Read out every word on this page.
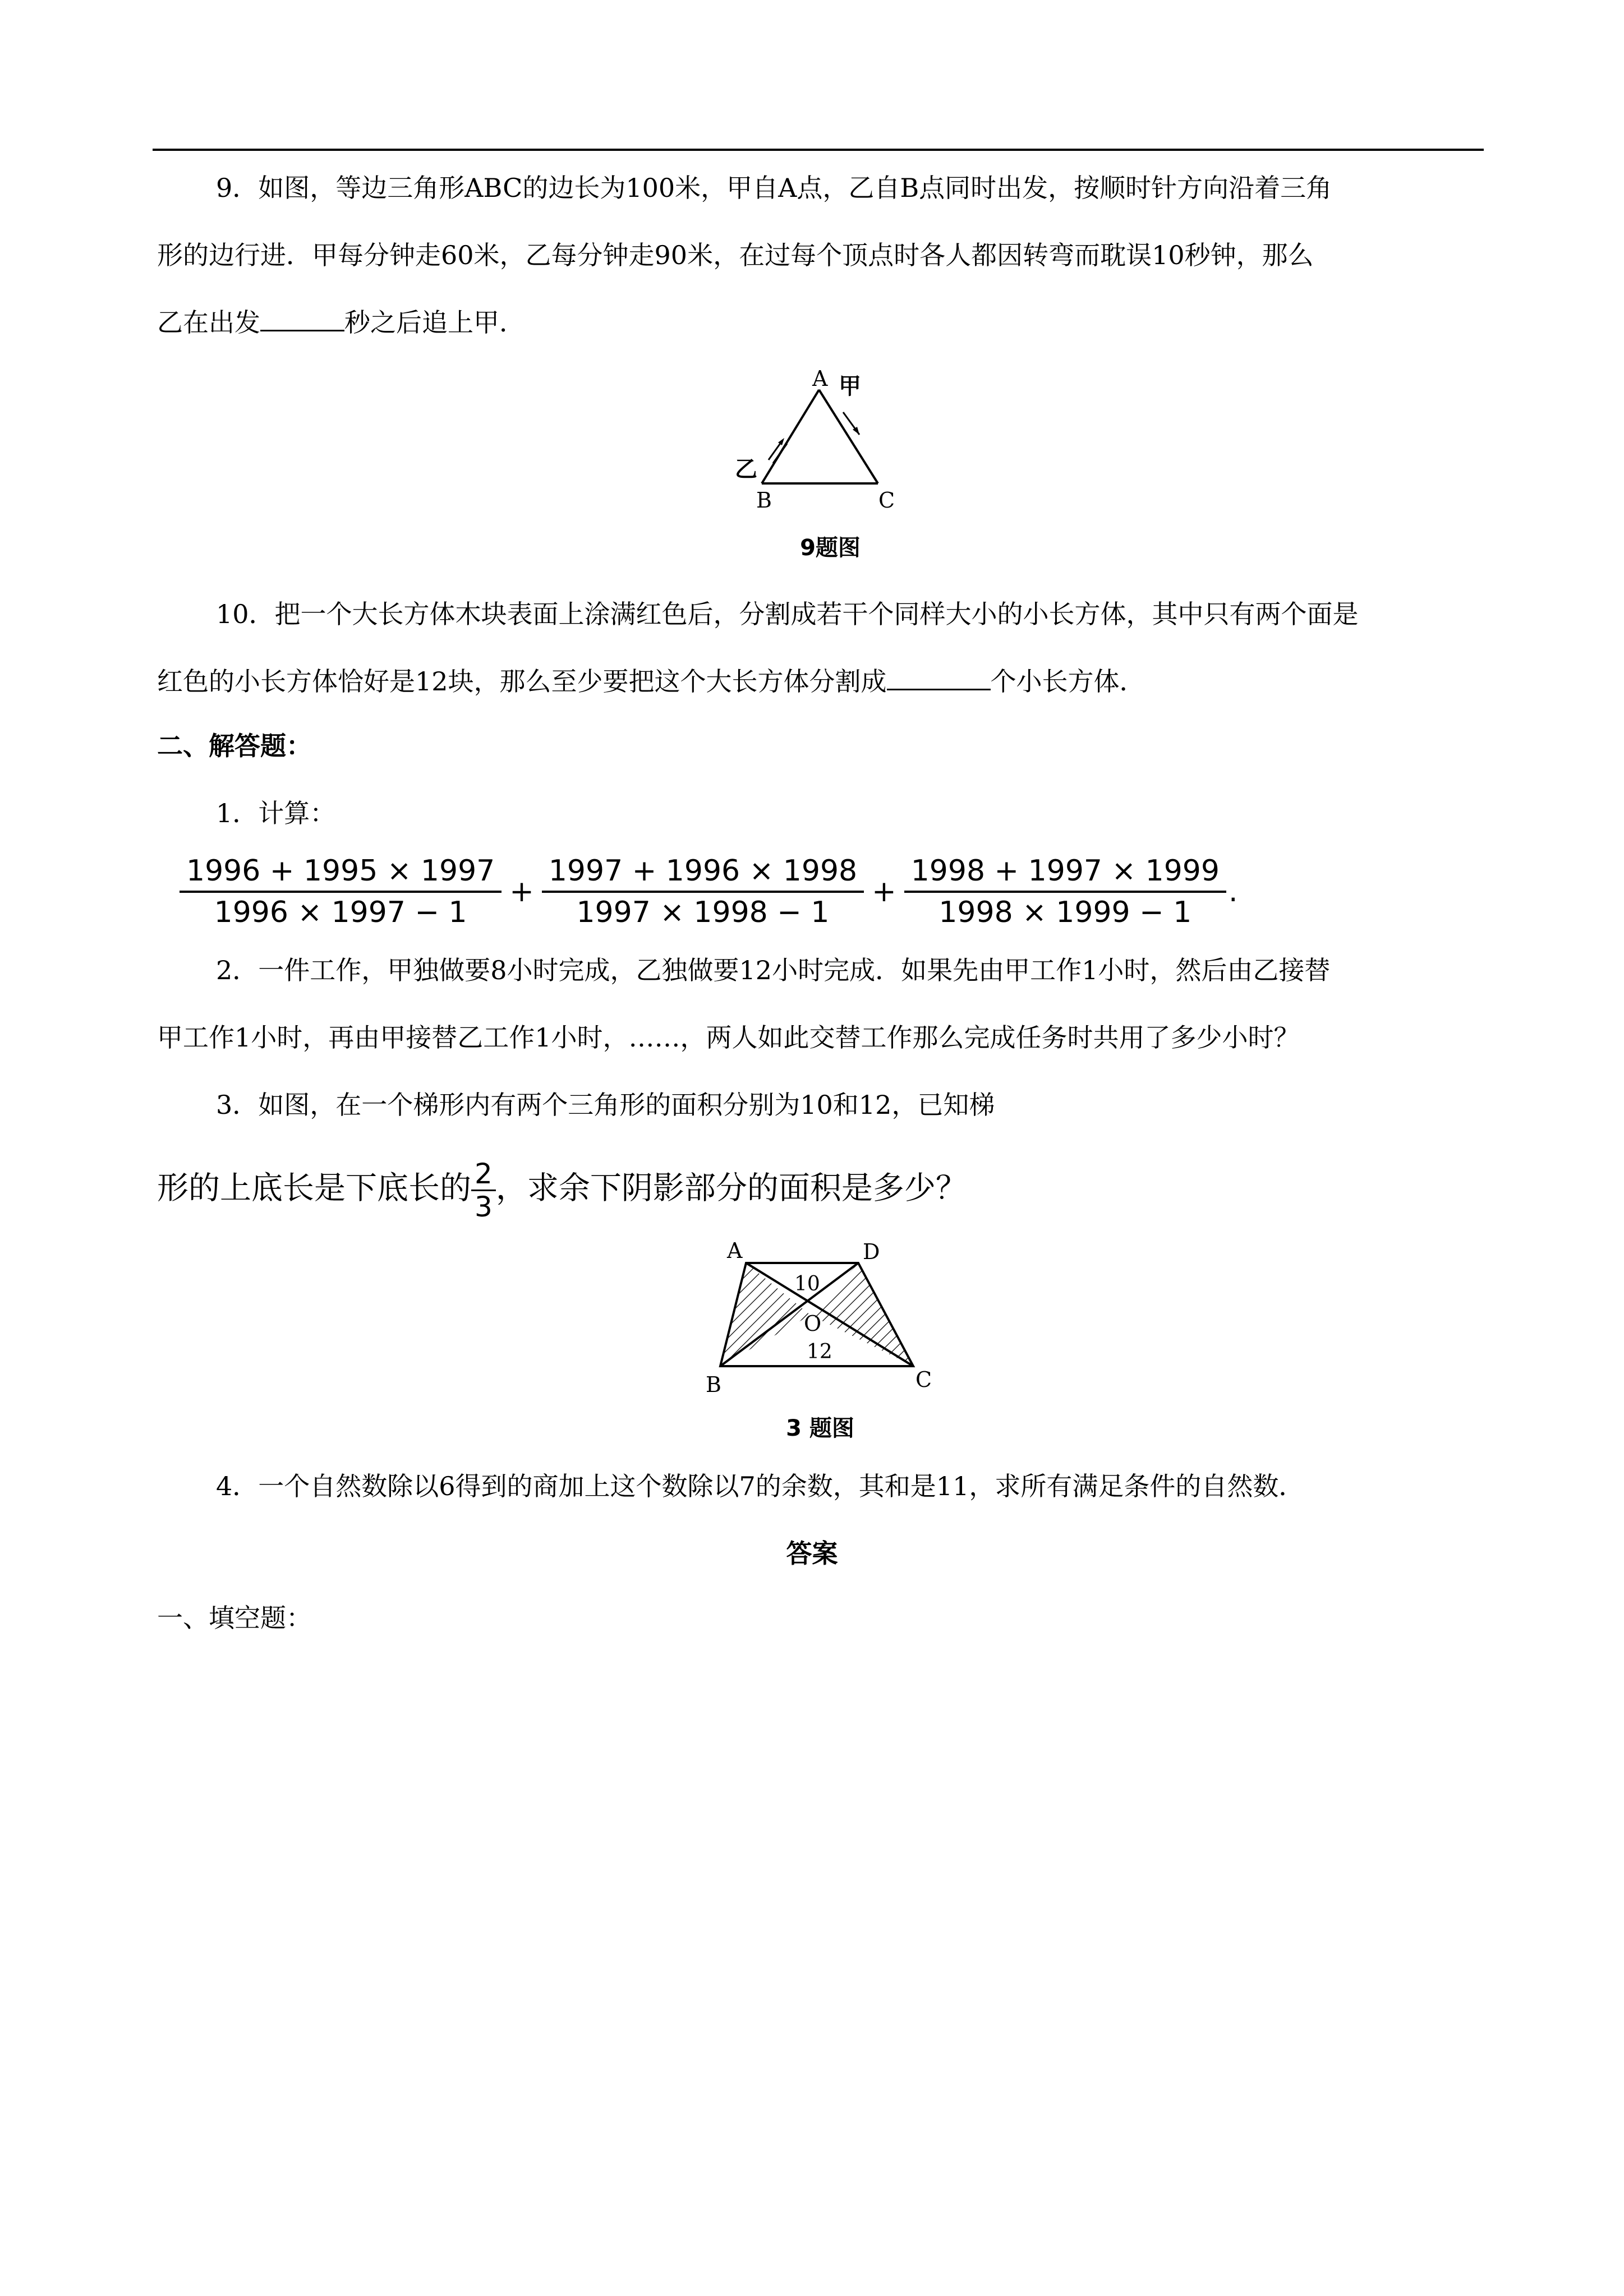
9．如图，等边三角形ABC的边长为100米，甲自A点，乙自B点同时出发，按顺时针方向沿着三角
形的边行进．甲每分钟走60米，乙每分钟走90米，在过每个顶点时各人都因转弯而耽误10秒钟，那么
乙在出发	秒之后追上甲．
A
B	C
甲
乙
9题图
10．把一个大长方体木块表面上涂满红色后，分割成若干个同样大小的小长方体，其中只有两个面是
红色的小长方体恰好是12块，那么至少要把这个大长方体分割成	个小长方体．
二、解答题：
1．计算：
$\frac{1996 + 1995 \times 1997}{1996 \times 1997 - 1} + \frac{1997 + 1996 \times 1998}{1997 \times 1998 - 1} + \frac{1998 + 1997 \times 1999}{1998 \times 1999 - 1}$ .
2．一件工作，甲独做要8小时完成，乙独做要12小时完成．如果先由甲工作1小时，然后由乙接替
甲工作1小时，再由甲接替乙工作1小时，……，两人如此交替工作那么完成任务时共用了多少小时？
3．如图，在一个梯形内有两个三角形的面积分别为10和12，已知梯
形的上底长是下底长的 $\frac{2}{3}$ ，求余下阴影部分的面积是多少？
A	D
B	C
O
10
12
3 题图
4．一个自然数除以6得到的商加上这个数除以7的余数，其和是11，求所有满足条件的自然数．
答案
一、填空题：
